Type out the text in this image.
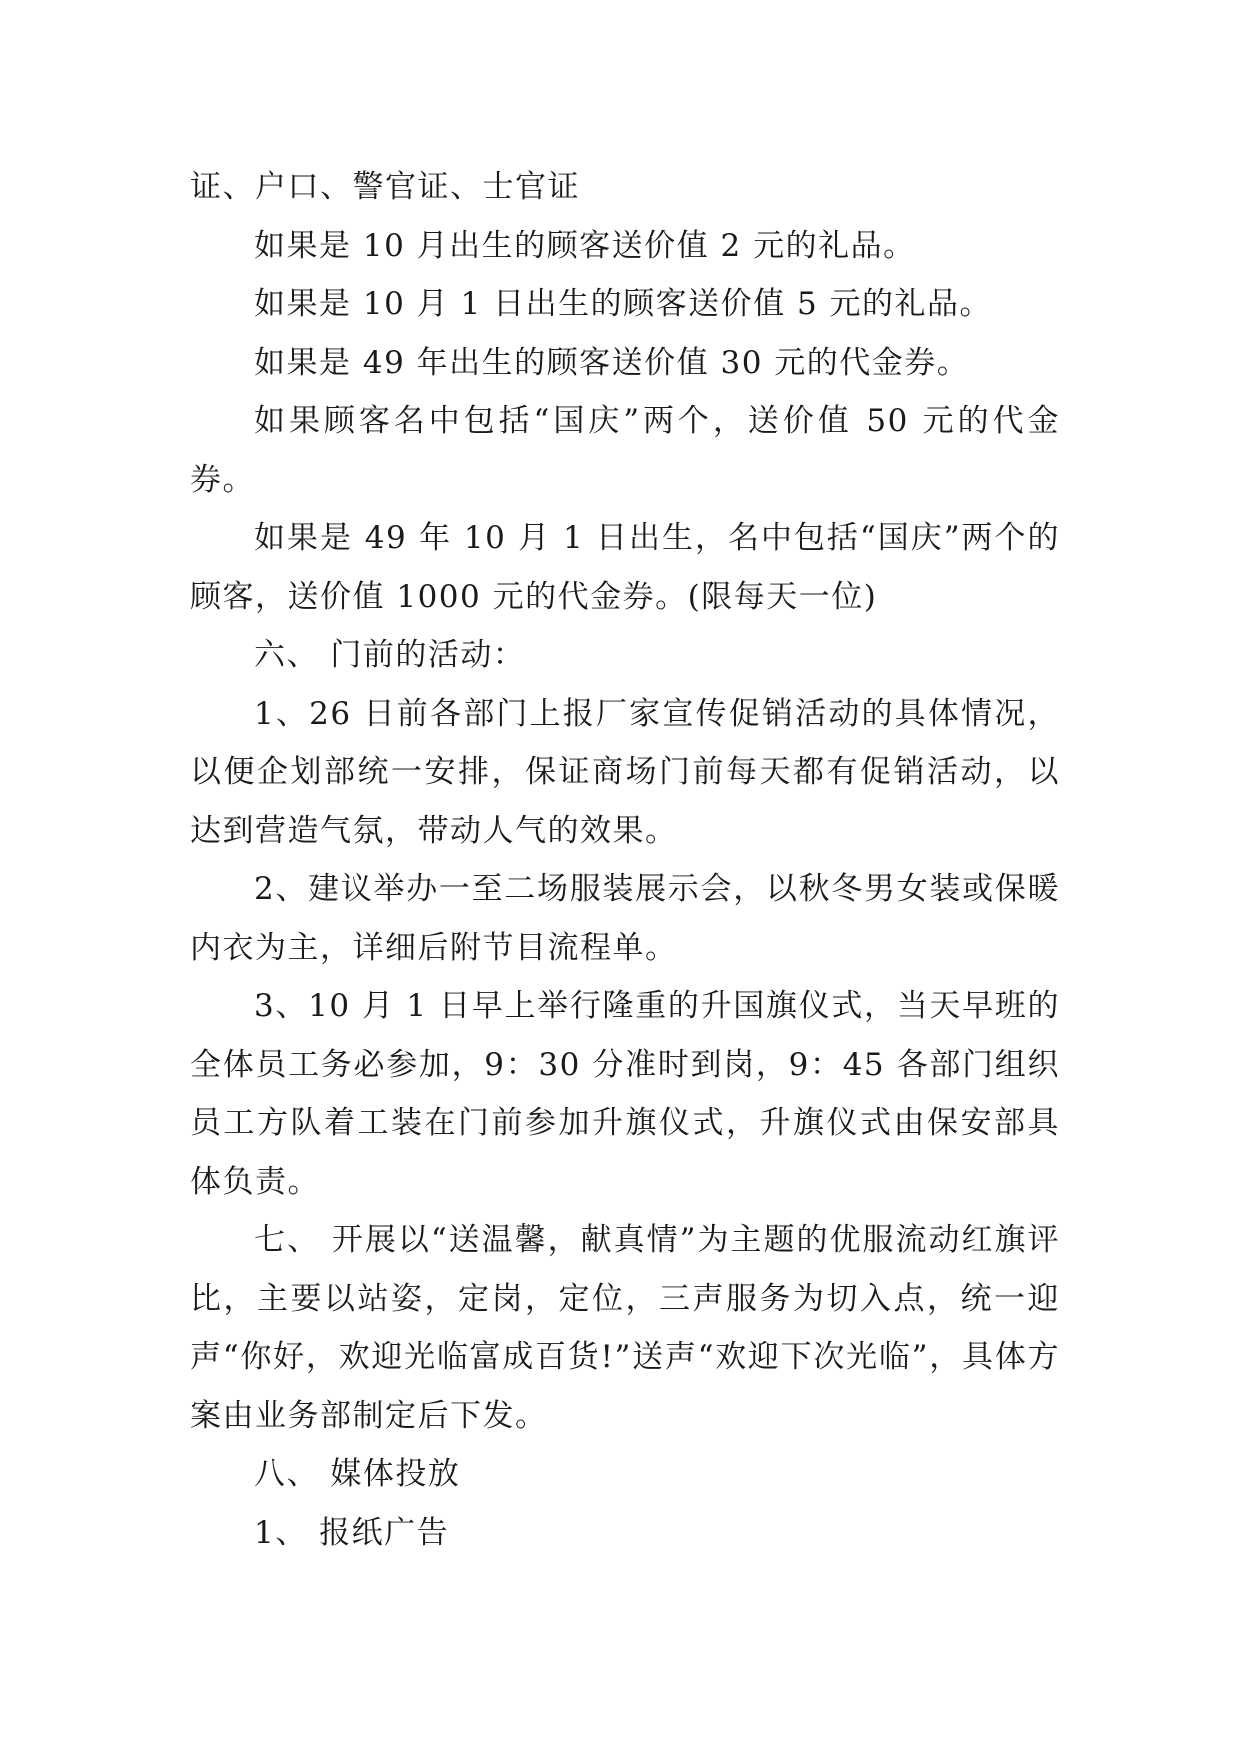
证、户口、警官证、士官证

如果是 10 月出生的顾客送价值 2 元的礼品。

如果是 10 月 1 日出生的顾客送价值 5 元的礼品。

如果是 49 年出生的顾客送价值 30 元的代金券。

如果顾客名中包括“国庆”两个，送价值 50 元的代金券。

如果是 49 年 10 月 1 日出生，名中包括“国庆”两个的顾客，送价值 1000 元的代金券。(限每天一位)

六、 门前的活动：

1、26 日前各部门上报厂家宣传促销活动的具体情况，以便企划部统一安排，保证商场门前每天都有促销活动，以达到营造气氛，带动人气的效果。

2、建议举办一至二场服装展示会，以秋冬男女装或保暖内衣为主，详细后附节目流程单。

3、10 月 1 日早上举行隆重的升国旗仪式，当天早班的全体员工务必参加，9：30 分准时到岗，9：45 各部门组织员工方队着工装在门前参加升旗仪式，升旗仪式由保安部具体负责。

七、 开展以“送温馨，献真情”为主题的优服流动红旗评比，主要以站姿，定岗，定位，三声服务为切入点，统一迎声“你好，欢迎光临富成百货!”送声“欢迎下次光临”，具体方案由业务部制定后下发。

八、 媒体投放

1、 报纸广告
